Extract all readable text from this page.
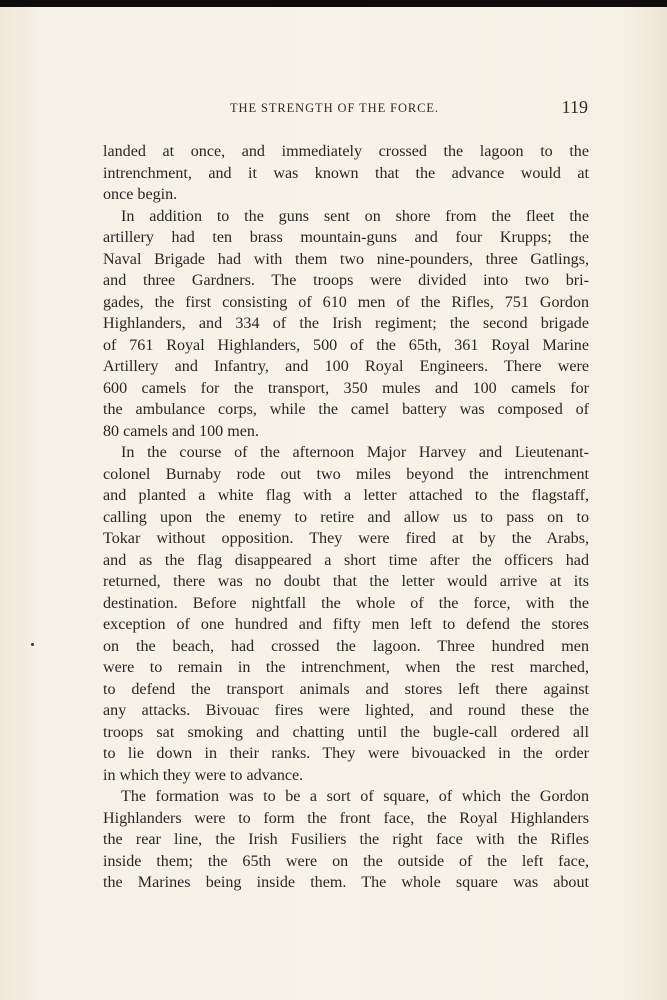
THE STRENGTH OF THE FORCE.	119
landed at once, and immediately crossed the lagoon to the
intrenchment, and it was known that the advance would at
once begin.
In addition to the guns sent on shore from the fleet the
artillery had ten brass mountain-guns and four Krupps; the
Naval Brigade had with them two nine-pounders, three Gatlings,
and three Gardners. The troops were divided into two bri-
gades, the first consisting of 610 men of the Rifles, 751 Gordon
Highlanders, and 334 of the Irish regiment; the second brigade
of 761 Royal Highlanders, 500 of the 65th, 361 Royal Marine
Artillery and Infantry, and 100 Royal Engineers. There were
600 camels for the transport, 350 mules and 100 camels for
the ambulance corps, while the camel battery was composed of
80 camels and 100 men.
In the course of the afternoon Major Harvey and Lieutenant-
colonel Burnaby rode out two miles beyond the intrenchment
and planted a white flag with a letter attached to the flagstaff,
calling upon the enemy to retire and allow us to pass on to
Tokar without opposition. They were fired at by the Arabs,
and as the flag disappeared a short time after the officers had
returned, there was no doubt that the letter would arrive at its
destination. Before nightfall the whole of the force, with the
exception of one hundred and fifty men left to defend the stores
on the beach, had crossed the lagoon. Three hundred men
were to remain in the intrenchment, when the rest marched,
to defend the transport animals and stores left there against
any attacks. Bivouac fires were lighted, and round these the
troops sat smoking and chatting until the bugle-call ordered all
to lie down in their ranks. They were bivouacked in the order
in which they were to advance.
The formation was to be a sort of square, of which the Gordon
Highlanders were to form the front face, the Royal Highlanders
the rear line, the Irish Fusiliers the right face with the Rifles
inside them; the 65th were on the outside of the left face,
the Marines being inside them. The whole square was about
